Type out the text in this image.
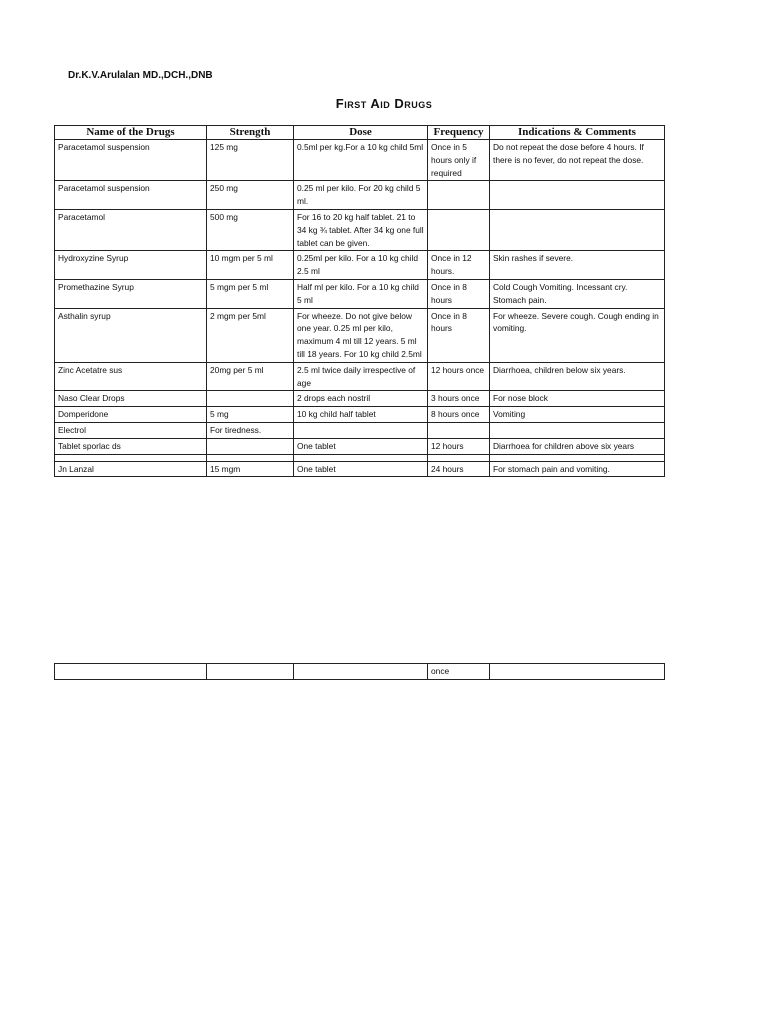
Dr.K.V.Arulalan MD.,DCH.,DNB
First Aid Drugs
Name of the Drugs	Strength	Dose	Frequency	Indications & Comments
Paracetamol suspension	125 mg	0.5ml per kg.For a 10 kg child 5ml	Once in 5 hours only if required	Do not repeat the dose before 4 hours. If there is no fever, do not repeat the dose.
Paracetamol suspension	250 mg	0.25 ml per kilo. For 20 kg child 5 ml.		
Paracetamol	500 mg	For 16 to 20 kg half tablet. 21 to 34 kg ¾ tablet. After 34 kg one full tablet can be given.		
Hydroxyzine Syrup	10 mgm per 5 ml	0.25ml per kilo. For a 10 kg child 2.5 ml	Once in 12 hours.	Skin rashes if severe.
Promethazine Syrup	5 mgm per 5 ml	Half ml per kilo. For a 10 kg child 5 ml	Once in 8 hours	Cold Cough Vomiting. Incessant cry. Stomach pain.
Asthalin syrup	2 mgm per 5ml	For wheeze. Do not give below one year. 0.25 ml per kilo, maximum 4 ml till 12 years. 5 ml till 18 years. For 10 kg child 2.5ml	Once in 8 hours	For wheeze. Severe cough. Cough ending in vomiting.
Zinc Acetatre sus	20mg per 5 ml	2.5 ml twice daily irrespective of age	12 hours once	Diarrhoea, children below six years.
Naso Clear Drops		2 drops each nostril	3 hours once	For nose block
Domperidone	5 mg	10 kg child half tablet	8 hours once	Vomiting
Electrol	For tiredness.			
Tablet sporlac ds		One tablet	12 hours	Diarrhoea for children above six years

Jn Lanzal	15 mgm	One tablet	24 hours	For stomach pain and vomiting.
			once	
